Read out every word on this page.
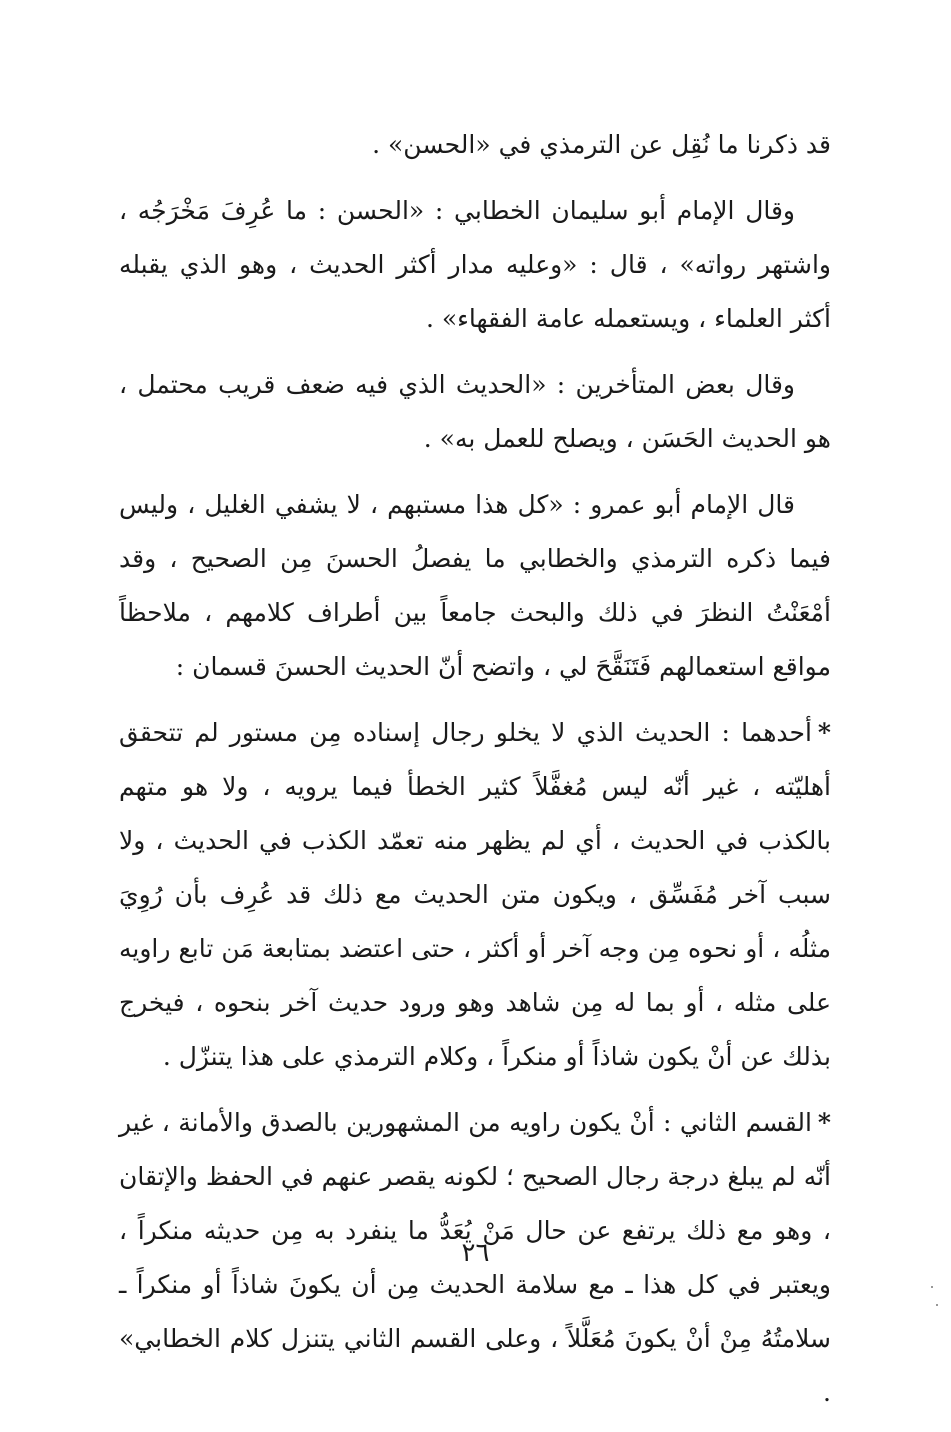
قد ذكرنا ما نُقِل عن الترمذي في «الحسن» .

وقال الإمام أبو سليمان الخطابي : «الحسن : ما عُرِفَ مَخْرَجُه ، واشتهر رواته» ، قال : «وعليه مدار أكثر الحديث ، وهو الذي يقبله أكثر العلماء ، ويستعمله عامة الفقهاء» .

وقال بعض المتأخرين : «الحديث الذي فيه ضعف قريب محتمل ، هو الحديث الحَسَن ، ويصلح للعمل به» .

قال الإمام أبو عمرو : «كل هذا مستبهم ، لا يشفي الغليل ، وليس فيما ذكره الترمذي والخطابي ما يفصلُ الحسنَ مِن الصحيح ، وقد أمْعَنْتُ النظرَ في ذلك والبحث جامعاً بين أطراف كلامهم ، ملاحظاً مواقع استعمالهم فَتَنَقَّحَ لي ، واتضح أنّ الحديث الحسنَ قسمان :

*أحدهما : الحديث الذي لا يخلو رجال إسناده مِن مستور لم تتحقق أهليّته ، غير أنّه ليس مُغفَّلاً كثير الخطأ فيما يرويه ، ولا هو متهم بالكذب في الحديث ، أي لم يظهر منه تعمّد الكذب في الحديث ، ولا سبب آخر مُفَسِّق ، ويكون متن الحديث مع ذلك قد عُرِف بأن رُوِيَ مثلُه ، أو نحوه مِن وجه آخر أو أكثر ، حتى اعتضد بمتابعة مَن تابع راويه على مثله ، أو بما له مِن شاهد وهو ورود حديث آخر بنحوه ، فيخرج بذلك عن أنْ يكون شاذاً أو منكراً ، وكلام الترمذي على هذا يتنزّل .

*القسم الثاني : أنْ يكون راويه من المشهورين بالصدق والأمانة ، غير أنّه لم يبلغ درجة رجال الصحيح ؛ لكونه يقصر عنهم في الحفظ والإتقان ، وهو مع ذلك يرتفع عن حال مَنْ يُعَدُّ ما ينفرد به مِن حديثه منكراً ، ويعتبر في كل هذا ـ مع سلامة الحديث مِن أن يكونَ شاذاً أو منكراً ـ سلامتُهُ مِنْ أنْ يكونَ مُعَلَّلاً ، وعلى القسم الثاني يتنزل كلام الخطابي» .

٢٦
